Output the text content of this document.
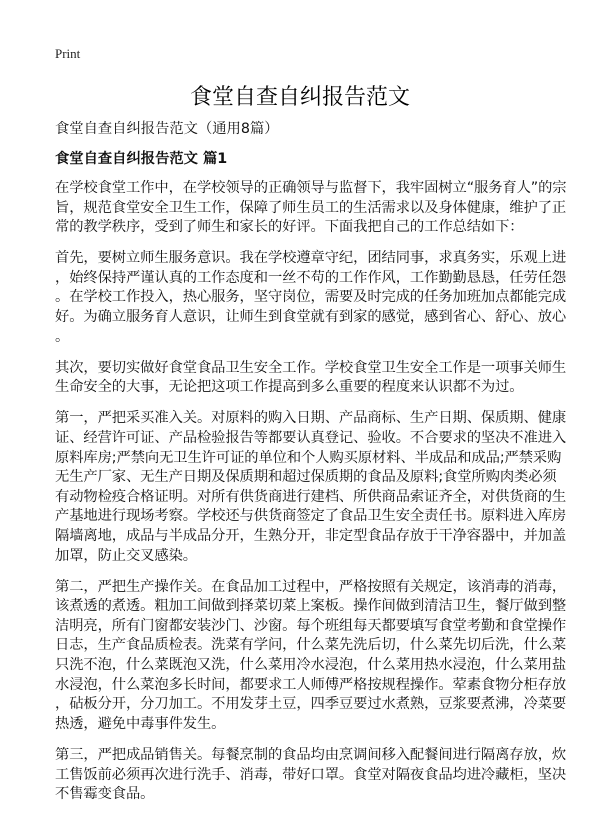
Print
食堂自查自纠报告范文
食堂自查自纠报告范文（通用8篇）
食堂自查自纠报告范文 篇1
在学校食堂工作中，在学校领导的正确领导与监督下，我牢固树立“服务育人”的宗
旨，规范食堂安全卫生工作，保障了师生员工的生活需求以及身体健康，维护了正
常的教学秩序，受到了师生和家长的好评。下面我把自己的工作总结如下：
首先，要树立师生服务意识。我在学校遵章守纪，团结同事，求真务实，乐观上进
，始终保持严谨认真的工作态度和一丝不苟的工作作风，工作勤勤恳恳，任劳任怨
。在学校工作投入，热心服务，坚守岗位，需要及时完成的任务加班加点都能完成
好。为确立服务育人意识，让师生到食堂就有到家的感觉，感到省心、舒心、放心
。
其次，要切实做好食堂食品卫生安全工作。学校食堂卫生安全工作是一项事关师生
生命安全的大事，无论把这项工作提高到多么重要的程度来认识都不为过。
第一，严把采买准入关。对原料的购入日期、产品商标、生产日期、保质期、健康
证、经营许可证、产品检验报告等都要认真登记、验收。不合要求的坚决不准进入
原料库房;严禁向无卫生许可证的单位和个人购买原材料、半成品和成品;严禁采购
无生产厂家、无生产日期及保质期和超过保质期的食品及原料;食堂所购肉类必须
有动物检疫合格证明。对所有供货商进行建档、所供商品索证齐全，对供货商的生
产基地进行现场考察。学校还与供货商签定了食品卫生安全责任书。原料进入库房
隔墙离地，成品与半成品分开，生熟分开，非定型食品存放于干净容器中，并加盖
加罩，防止交叉感染。
第二，严把生产操作关。在食品加工过程中，严格按照有关规定，该消毒的消毒，
该煮透的煮透。粗加工间做到择菜切菜上案板。操作间做到清洁卫生，餐厅做到整
洁明亮，所有门窗都安装沙门、沙窗。每个班组每天都要填写食堂考勤和食堂操作
日志，生产食品质检表。洗菜有学问，什么菜先洗后切，什么菜先切后洗，什么菜
只洗不泡，什么菜既泡又洗，什么菜用冷水浸泡，什么菜用热水浸泡，什么菜用盐
水浸泡，什么菜泡多长时间，都要求工人师傅严格按规程操作。荤素食物分柜存放
，砧板分开，分刀加工。不用发芽土豆，四季豆要过水煮熟，豆浆要煮沸，冷菜要
热透，避免中毒事件发生。
第三，严把成品销售关。每餐烹制的食品均由烹调间移入配餐间进行隔离存放，炊
工售饭前必须再次进行洗手、消毒，带好口罩。食堂对隔夜食品均进冷藏柜，坚决
不售霉变食品。
